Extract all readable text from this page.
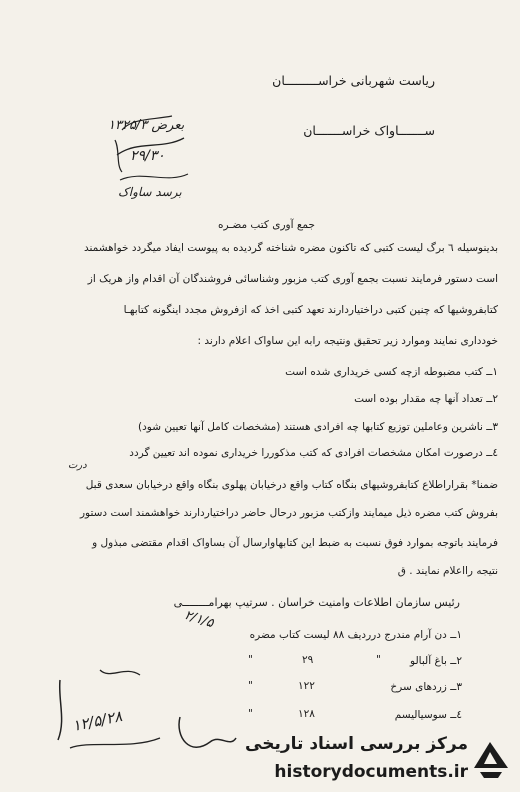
ریاست شهربانی خراســـــــــان
ســـــــاواک خراســـــــان
بعرض ۱۳۲۵/۳
۲۹/۳۰
برسد ساواک
جمع آوری کتب مضـره
بدینوسیله ٦ برگ لیست کتبی که تاکنون مضره شناخته گردیده به پیوست ایفاد میگردد خواهشمند
است دستور فرمایند نسبت بجمع آوری کتب مزبور وشناسائی فروشندگان آن اقدام واز هریک از
کتابفروشیها که چنین کتبی دراختیاردارند تعهد کتبی اخذ که ازفروش مجدد اینگونه کتابهـا
خودداری نمایند وموارد زیر تحقیق ونتیجه رابه این ساواک اعلام دارند :
۱ــ کتب مضبوطه ازچه کسی خریداری شده است
۲ــ تعداد آنها چه مقدار بوده است
۳ــ ناشرین وعاملین توزیع کتابها چه افرادی هستند (مشخصات کامل آنها تعیین شود)
٤ــ درصورت امکان مشخصات افرادی که کتب مذکوررا خریداری نموده اند تعیین گردد
درت
ضمنا* بقراراطلاع کتابفروشیهای بنگاه کتاب واقع درخیابان پهلوی بنگاه واقع درخیابان سعدی قبل
بفروش کتب مضره ذیل میمایند وازکتب مزبور درحال حاضر دراختیاردارند خواهشمند است دستور
فرمایند باتوجه بموارد فوق نسبت به ضبط این کتابهاوارسال آن بساواک اقدام مقتضی مبذول و
نتیجه رااعلام نمایند . ق
رئیس سازمان اطلاعات وامنیت خراسان . سرتیپ بهرامــــــــی
۲/۱/۵
۱ــ دن آرام مندرج درردیف ۸۸ لیست کتاب مضره
۲ــ باغ آلبالو
۳ــ زردهای سرخ
٤ــ سوسیالیسم
۲۹
۱۲۲
۱۲۸
"
"
"
"
۱۲/۵/۲۸
مرکز بررسی اسناد تاریخی
historydocuments.ir
